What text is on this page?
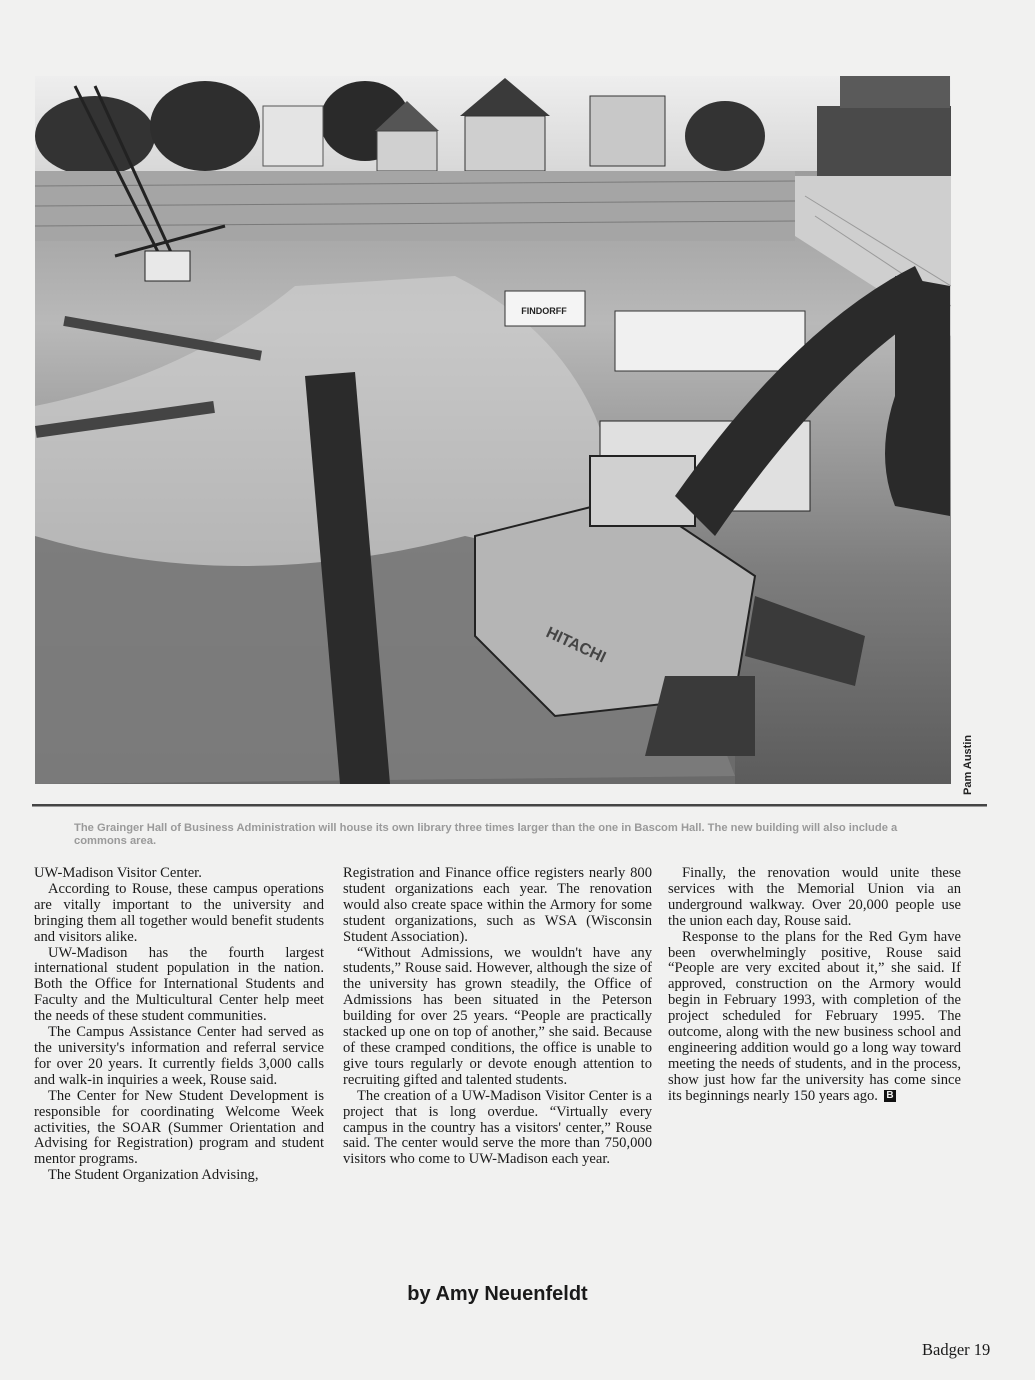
FINDORFF
HITACHI
Pam Austin
The Grainger Hall of Business Administration will house its own library three times larger than the one in Bascom Hall. The new building will also include a commons area.

UW-Madison Visitor Center.

According to Rouse, these campus operations are vitally important to the university and bringing them all together would benefit students and visitors alike.

UW-Madison has the fourth largest international student population in the nation. Both the Office for International Students and Faculty and the Multicultural Center help meet the needs of these student communities.

The Campus Assistance Center had served as the university's information and referral service for over 20 years. It currently fields 3,000 calls and walk-in inquiries a week, Rouse said.

The Center for New Student Development is responsible for coordinating Welcome Week activities, the SOAR (Summer Orientation and Advising for Registration) program and student mentor programs.

The Student Organization Advising,

Registration and Finance office registers nearly 800 student organizations each year. The renovation would also create space within the Armory for some student organizations, such as WSA (Wisconsin Student Association).

“Without Admissions, we wouldn't have any students,” Rouse said. However, although the size of the university has grown steadily, the Office of Admissions has been situated in the Peterson building for over 25 years. “People are practically stacked up one on top of another,” she said. Because of these cramped conditions, the office is unable to give tours regularly or devote enough attention to recruiting gifted and talented students.

The creation of a UW-Madison Visitor Center is a project that is long overdue. “Virtually every campus in the country has a visitors' center,” Rouse said. The center would serve the more than 750,000 visitors who come to UW-Madison each year.

Finally, the renovation would unite these services with the Memorial Union via an underground walkway. Over 20,000 people use the union each day, Rouse said.

Response to the plans for the Red Gym have been overwhelmingly positive, Rouse said “People are very excited about it,” she said. If approved, construction on the Armory would begin in February 1993, with completion of the project scheduled for February 1995. The outcome, along with the new business school and engineering addition would go a long way toward meeting the needs of students, and in the process, show just how far the university has come since its beginnings nearly 150 years ago. B

by Amy Neuenfeldt
Badger 19
